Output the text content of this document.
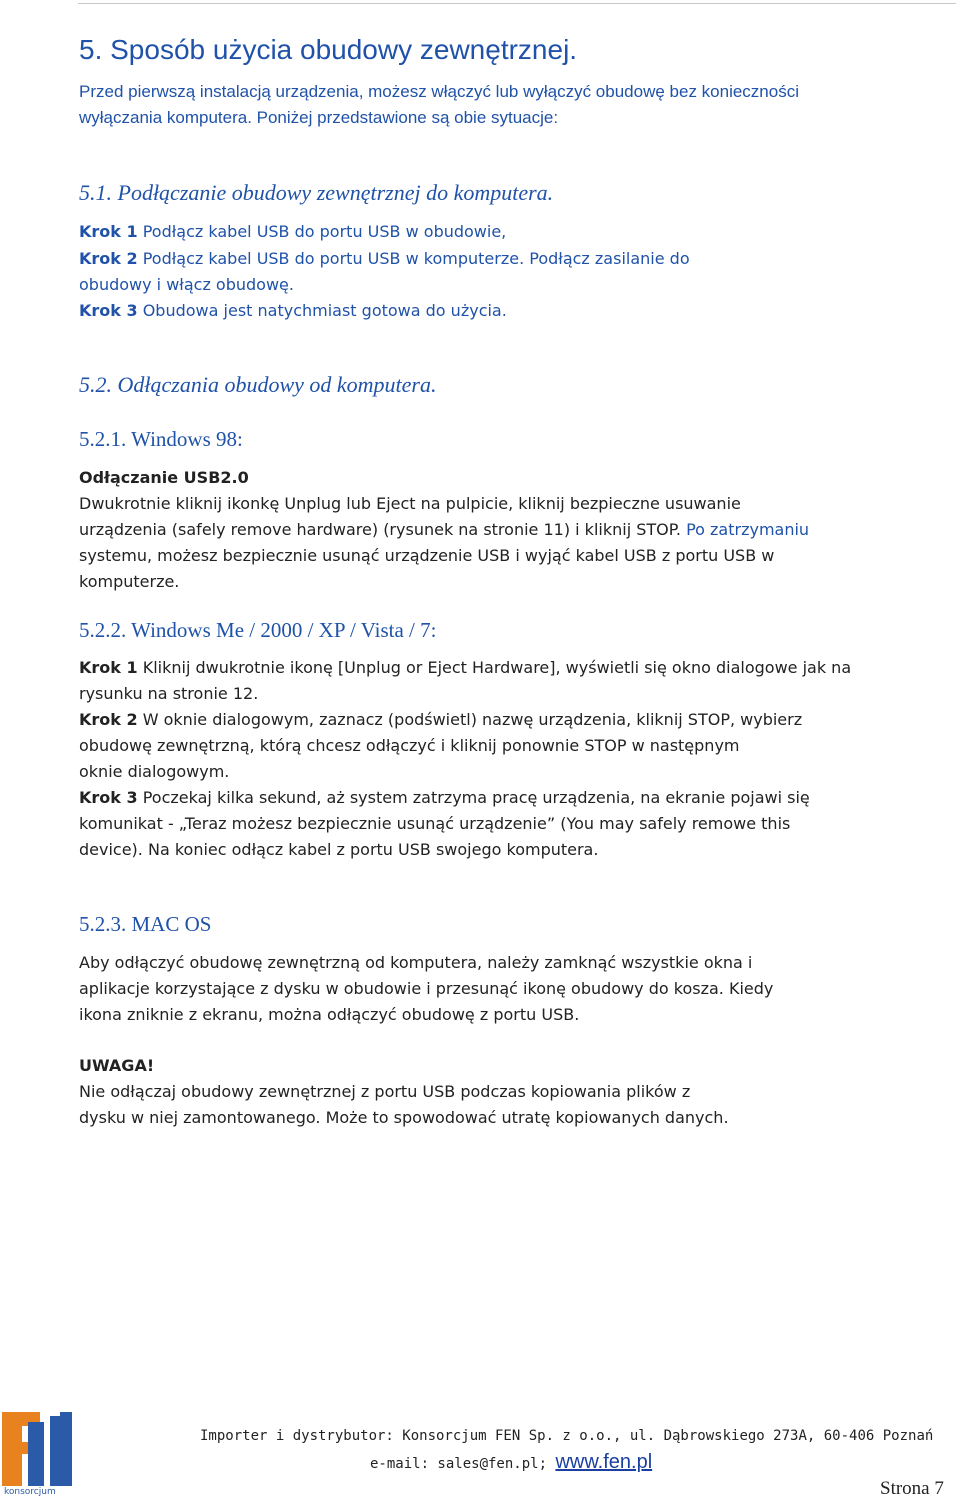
5. Sposób użycia obudowy zewnętrznej.
Przed pierwszą instalacją urządzenia, możesz włączyć lub wyłączyć obudowę bez konieczności
wyłączania komputera. Poniżej przedstawione są obie sytuacje:
5.1. Podłączanie obudowy zewnętrznej do komputera.
Krok 1 Podłącz kabel USB do portu USB w obudowie,
Krok 2 Podłącz kabel USB do portu USB w komputerze. Podłącz zasilanie do
obudowy i włącz obudowę.
Krok 3 Obudowa jest natychmiast gotowa do użycia.
5.2. Odłączania obudowy od komputera.
5.2.1. Windows 98:
Odłączanie USB2.0
Dwukrotnie kliknij ikonkę Unplug lub Eject na pulpicie, kliknij bezpieczne usuwanie
urządzenia (safely remove hardware) (rysunek na stronie 11) i kliknij STOP. Po zatrzymaniu
systemu, możesz bezpiecznie usunąć urządzenie USB i wyjąć kabel USB z portu USB w
komputerze.
5.2.2. Windows Me / 2000 / XP / Vista / 7:
Krok 1 Kliknij dwukrotnie ikonę [Unplug or Eject Hardware], wyświetli się okno dialogowe jak na
rysunku na stronie 12.
Krok 2 W oknie dialogowym, zaznacz (podświetl) nazwę urządzenia, kliknij STOP, wybierz
obudowę zewnętrzną, którą chcesz odłączyć i kliknij ponownie STOP w następnym
oknie dialogowym.
Krok 3 Poczekaj kilka sekund, aż system zatrzyma pracę urządzenia, na ekranie pojawi się
komunikat - „Teraz możesz bezpiecznie usunąć urządzenie” (You may safely remowe this
device). Na koniec odłącz kabel z portu USB swojego komputera.
5.2.3. MAC OS
Aby odłączyć obudowę zewnętrzną od komputera, należy zamknąć wszystkie okna i
aplikacje korzystające z dysku w obudowie i przesunąć ikonę obudowy do kosza. Kiedy
ikona zniknie z ekranu, można odłączyć obudowę z portu USB.
UWAGA!
Nie odłączaj obudowy zewnętrznej z portu USB podczas kopiowania plików z
dysku w niej zamontowanego. Może to spowodować utratę kopiowanych danych.
konsorcjum
Importer i dystrybutor: Konsorcjum FEN Sp. z o.o., ul. Dąbrowskiego 273A, 60-406 Poznań
e-mail: sales@fen.pl; www.fen.pl
Strona 7
